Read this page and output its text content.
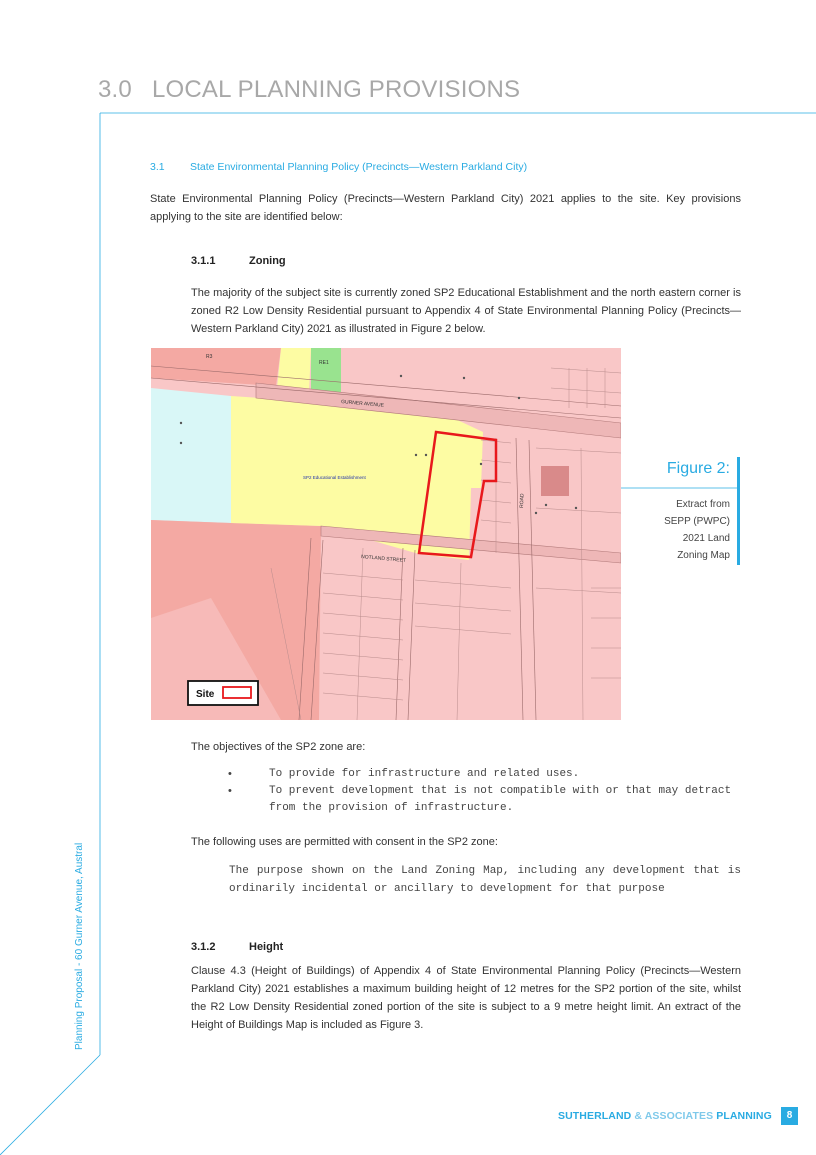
3.0 LOCAL PLANNING PROVISIONS
Planning Proposal - 60 Gurner Avenue, Austral
3.1 State Environmental Planning Policy (Precincts—Western Parkland City)
State Environmental Planning Policy (Precincts—Western Parkland City) 2021 applies to the site. Key provisions applying to the site are identified below:
3.1.1	Zoning
The majority of the subject site is currently zoned SP2 Educational Establishment and the north eastern corner is zoned R2 Low Density Residential pursuant to Appendix 4 of State Environmental Planning Policy (Precincts—Western Parkland City) 2021 as illustrated in Figure 2 below.
GURNER AVENUE
NOTLAND STREET
ROAD
RE1
R3
SP2 Educational Establishment
Site
Figure 2:
Extract from
SEPP (PWPC)
2021 Land
Zoning Map
The objectives of the SP2 zone are:
•	To provide for infrastructure and related uses.
•	To prevent development that is not compatible with or that may detract from the provision of infrastructure.
The following uses are permitted with consent in the SP2 zone:
The purpose shown on the Land Zoning Map, including any development that is ordinarily incidental or ancillary to development for that purpose
3.1.2	Height
Clause 4.3 (Height of Buildings) of Appendix 4 of State Environmental Planning Policy (Precincts—Western Parkland City) 2021 establishes a maximum building height of 12 metres for the SP2 portion of the site, whilst the R2 Low Density Residential zoned portion of the site is subject to a 9 metre height limit. An extract of the Height of Buildings Map is included as Figure 3.
SUTHERLAND & ASSOCIATES PLANNING	8
